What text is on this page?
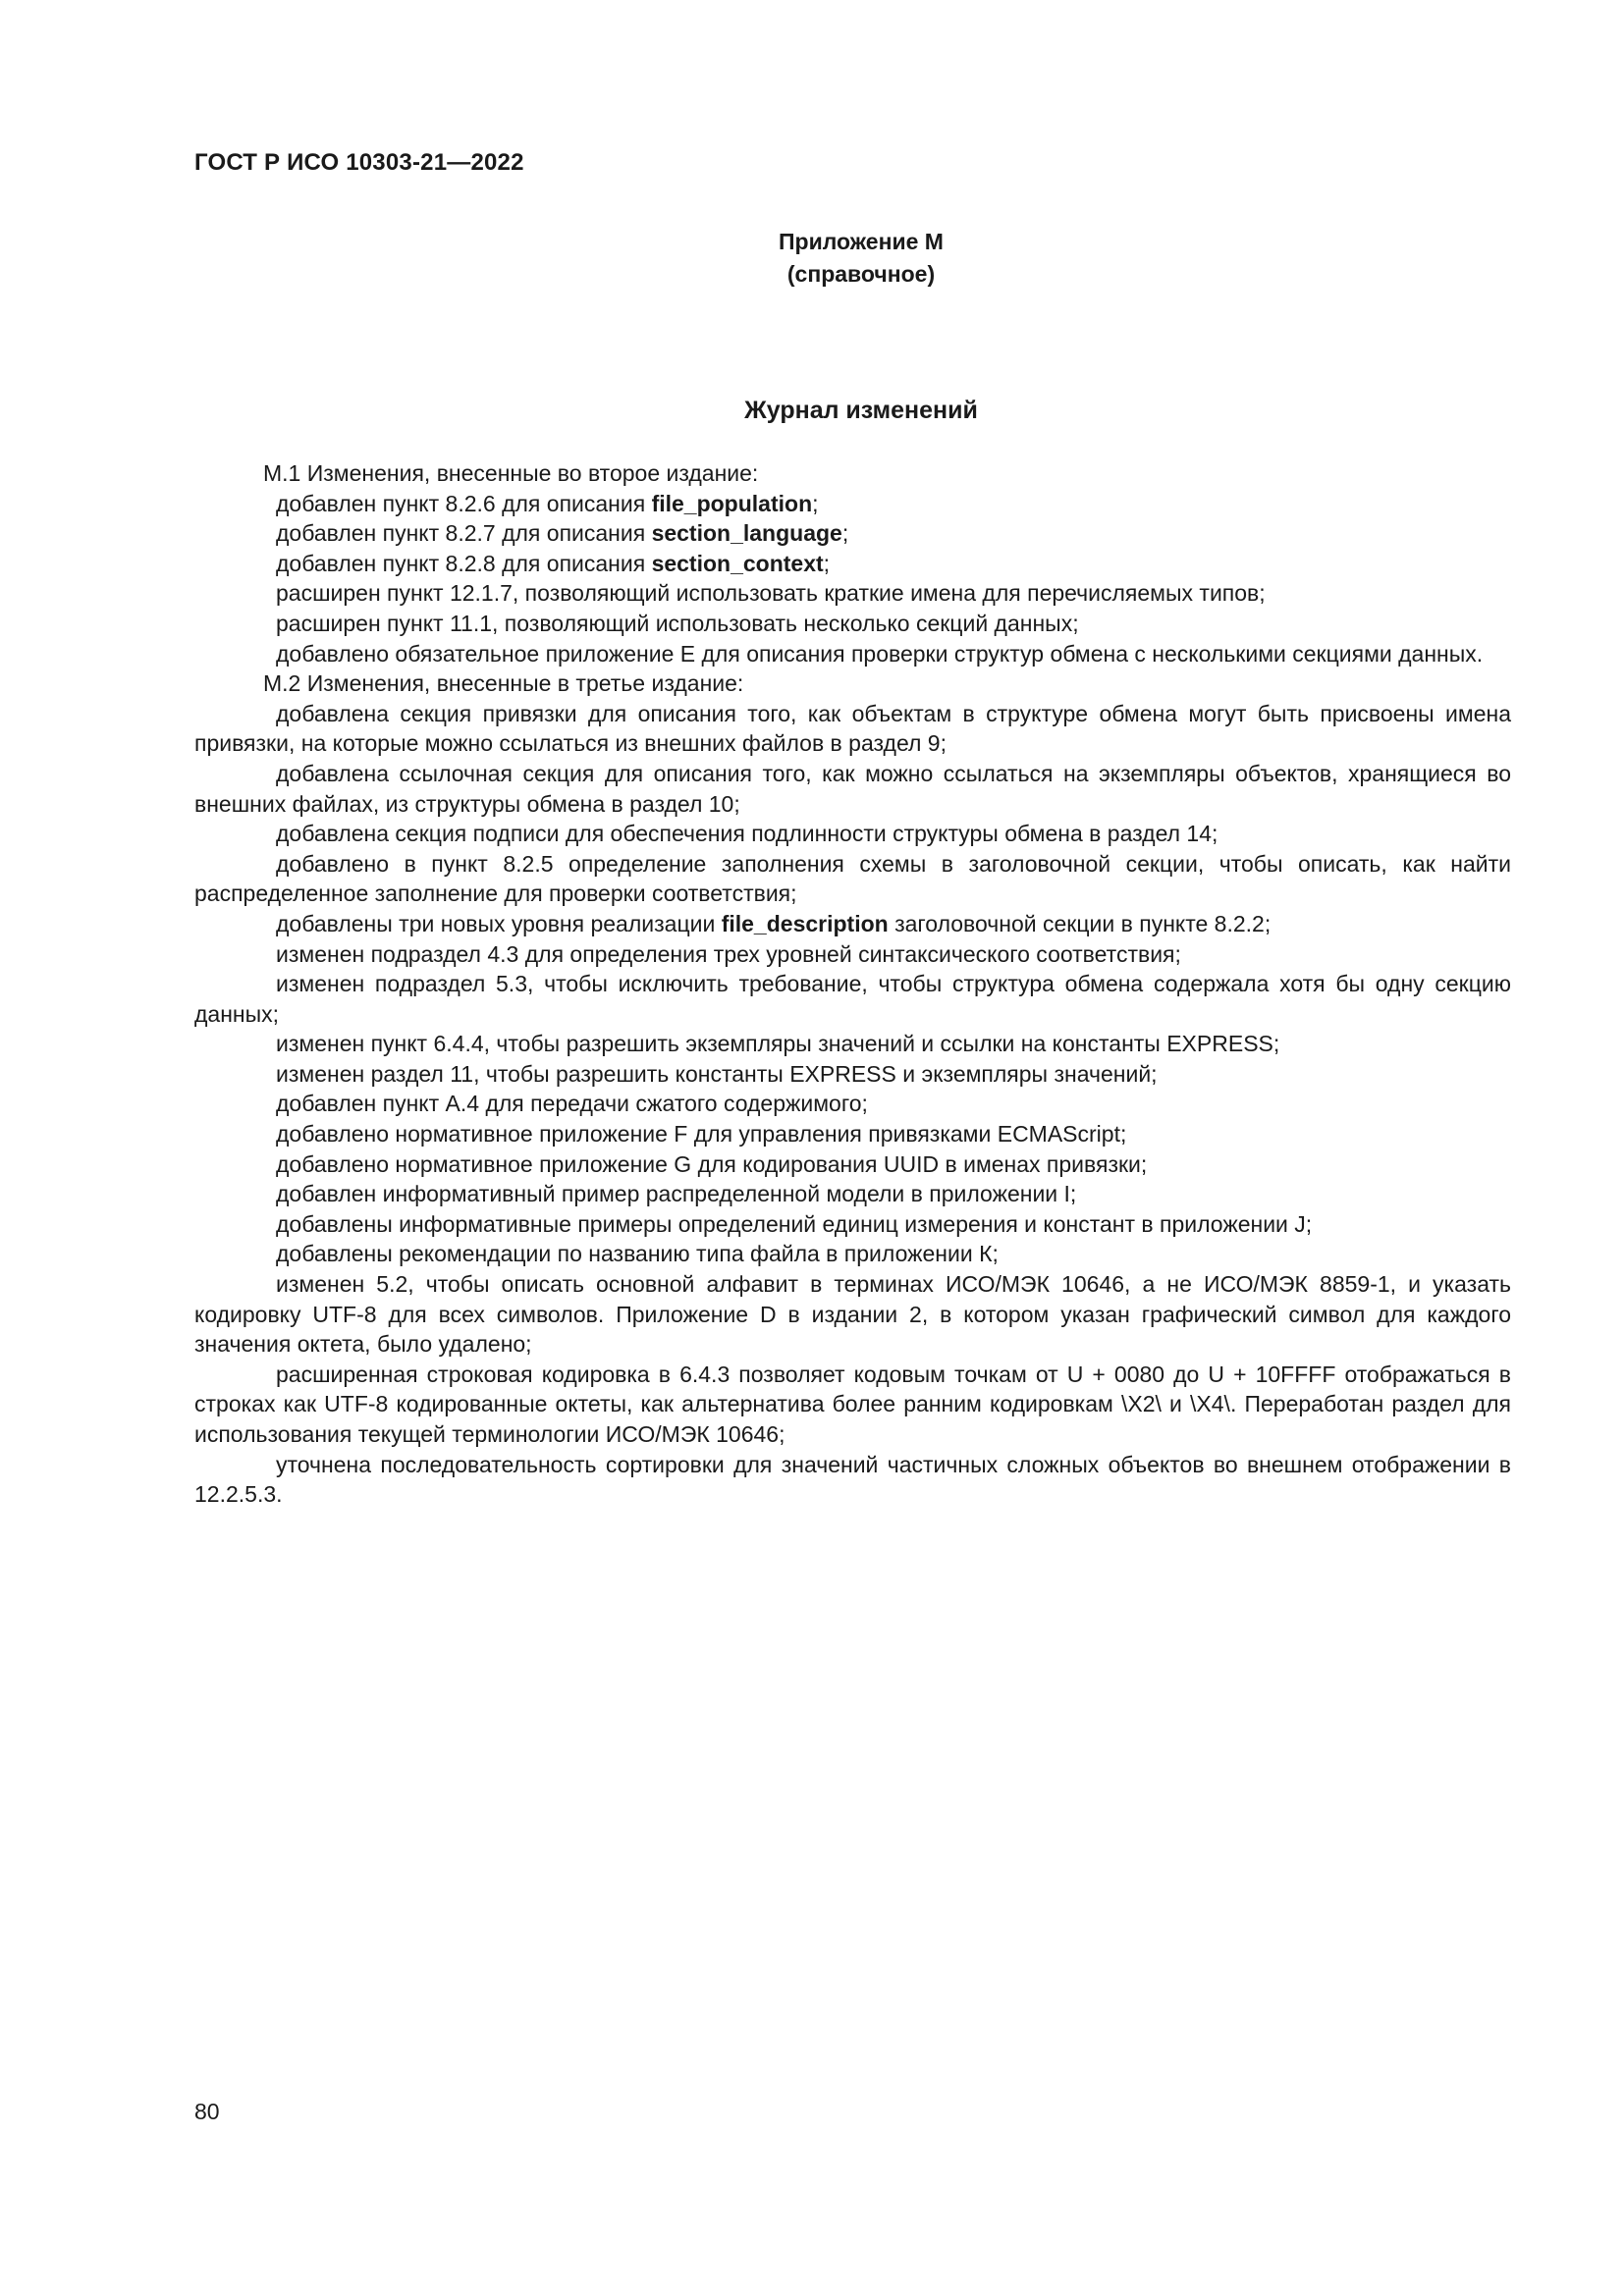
ГОСТ Р ИСО 10303-21—2022
Приложение М
(справочное)
Журнал изменений

М.1 Изменения, внесенные во второе издание:

добавлен пункт 8.2.6 для описания file_population;

добавлен пункт 8.2.7 для описания section_language;

добавлен пункт 8.2.8 для описания section_context;

расширен пункт 12.1.7, позволяющий использовать краткие имена для перечисляемых типов;

расширен пункт 11.1, позволяющий использовать несколько секций данных;

добавлено обязательное приложение Е для описания проверки структур обмена с несколькими секциями данных.

М.2 Изменения, внесенные в третье издание:

добавлена секция привязки для описания того, как объектам в структуре обмена могут быть присвоены имена привязки, на которые можно ссылаться из внешних файлов в раздел 9;

добавлена ссылочная секция для описания того, как можно ссылаться на экземпляры объектов, хранящиеся во внешних файлах, из структуры обмена в раздел 10;

добавлена секция подписи для обеспечения подлинности структуры обмена в раздел 14;

добавлено в пункт 8.2.5 определение заполнения схемы в заголовочной секции, чтобы описать, как найти распределенное заполнение для проверки соответствия;

добавлены три новых уровня реализации file_description заголовочной секции в пункте 8.2.2;

изменен подраздел 4.3 для определения трех уровней синтаксического соответствия;

изменен подраздел 5.3, чтобы исключить требование, чтобы структура обмена содержала хотя бы одну секцию данных;

изменен пункт 6.4.4, чтобы разрешить экземпляры значений и ссылки на константы EXPRESS;

изменен раздел 11, чтобы разрешить константы EXPRESS и экземпляры значений;

добавлен пункт А.4 для передачи сжатого содержимого;

добавлено нормативное приложение F для управления привязками ECMAScript;

добавлено нормативное приложение G для кодирования UUID в именах привязки;

добавлен информативный пример распределенной модели в приложении I;

добавлены информативные примеры определений единиц измерения и констант в приложении J;

добавлены рекомендации по названию типа файла в приложении К;

изменен 5.2, чтобы описать основной алфавит в терминах ИСО/МЭК 10646, а не ИСО/МЭК 8859-1, и указать кодировку UTF-8 для всех символов. Приложение D в издании 2, в котором указан графический символ для каждого значения октета, было удалено;

расширенная строковая кодировка в 6.4.3 позволяет кодовым точкам от U + 0080 до U + 10FFFF отображаться в строках как UTF-8 кодированные октеты, как альтернатива более ранним кодировкам \X2\ и \X4\. Переработан раздел для использования текущей терминологии ИСО/МЭК 10646;

уточнена последовательность сортировки для значений частичных сложных объектов во внешнем отображении в 12.2.5.3.

80
